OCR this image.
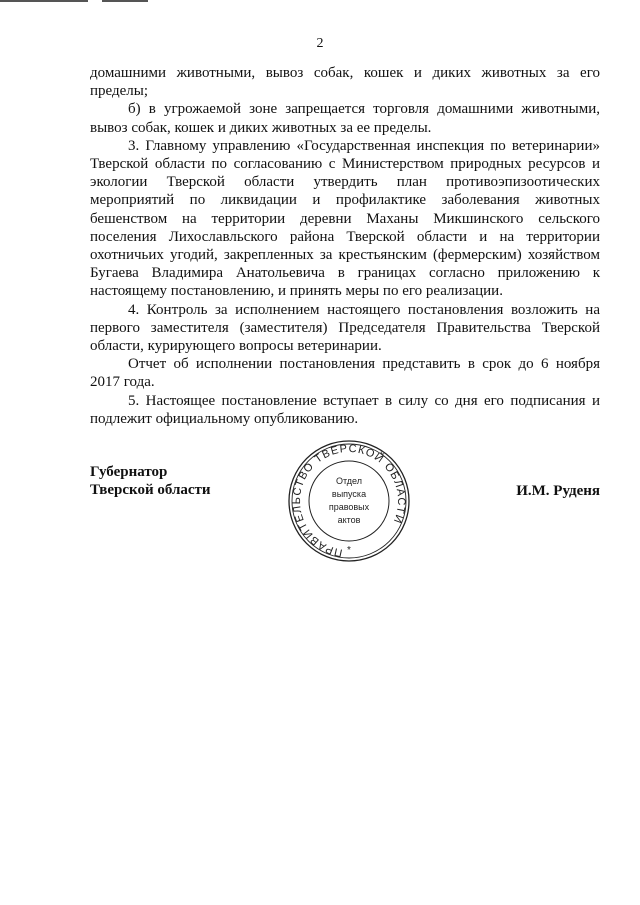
2

домашними животными, вывоз собак, кошек и диких животных за его пределы;

б) в угрожаемой зоне запрещается торговля домашними животными, вывоз собак, кошек и диких животных за ее пределы.

3. Главному управлению «Государственная инспекция по ветеринарии» Тверской области по согласованию с Министерством природных ресурсов и экологии Тверской области утвердить план противоэпизоотических мероприятий по ликвидации и профилактике заболевания животных бешенством на территории деревни Маханы Микшинского сельского поселения Лихославльского района Тверской области и на территории охотничьих угодий, закрепленных за крестьянским (фермерским) хозяйством Бугаева Владимира Анатольевича в границах согласно приложению к настоящему постановлению, и принять меры по его реализации.

4. Контроль за исполнением настоящего постановления возложить на первого заместителя (заместителя) Председателя Правительства Тверской области, курирующего вопросы ветеринарии.

Отчет об исполнении постановления представить в срок до 6 ноября 2017 года.

5. Настоящее постановление вступает в силу со дня его подписания и подлежит официальному опубликованию.

Губернатор
Тверской области
ПРАВИТЕЛЬСТВО ТВЕРСКОЙ ОБЛАСТИ
Отдел
выпуска
правовых
актов
*
И.М. Руденя
